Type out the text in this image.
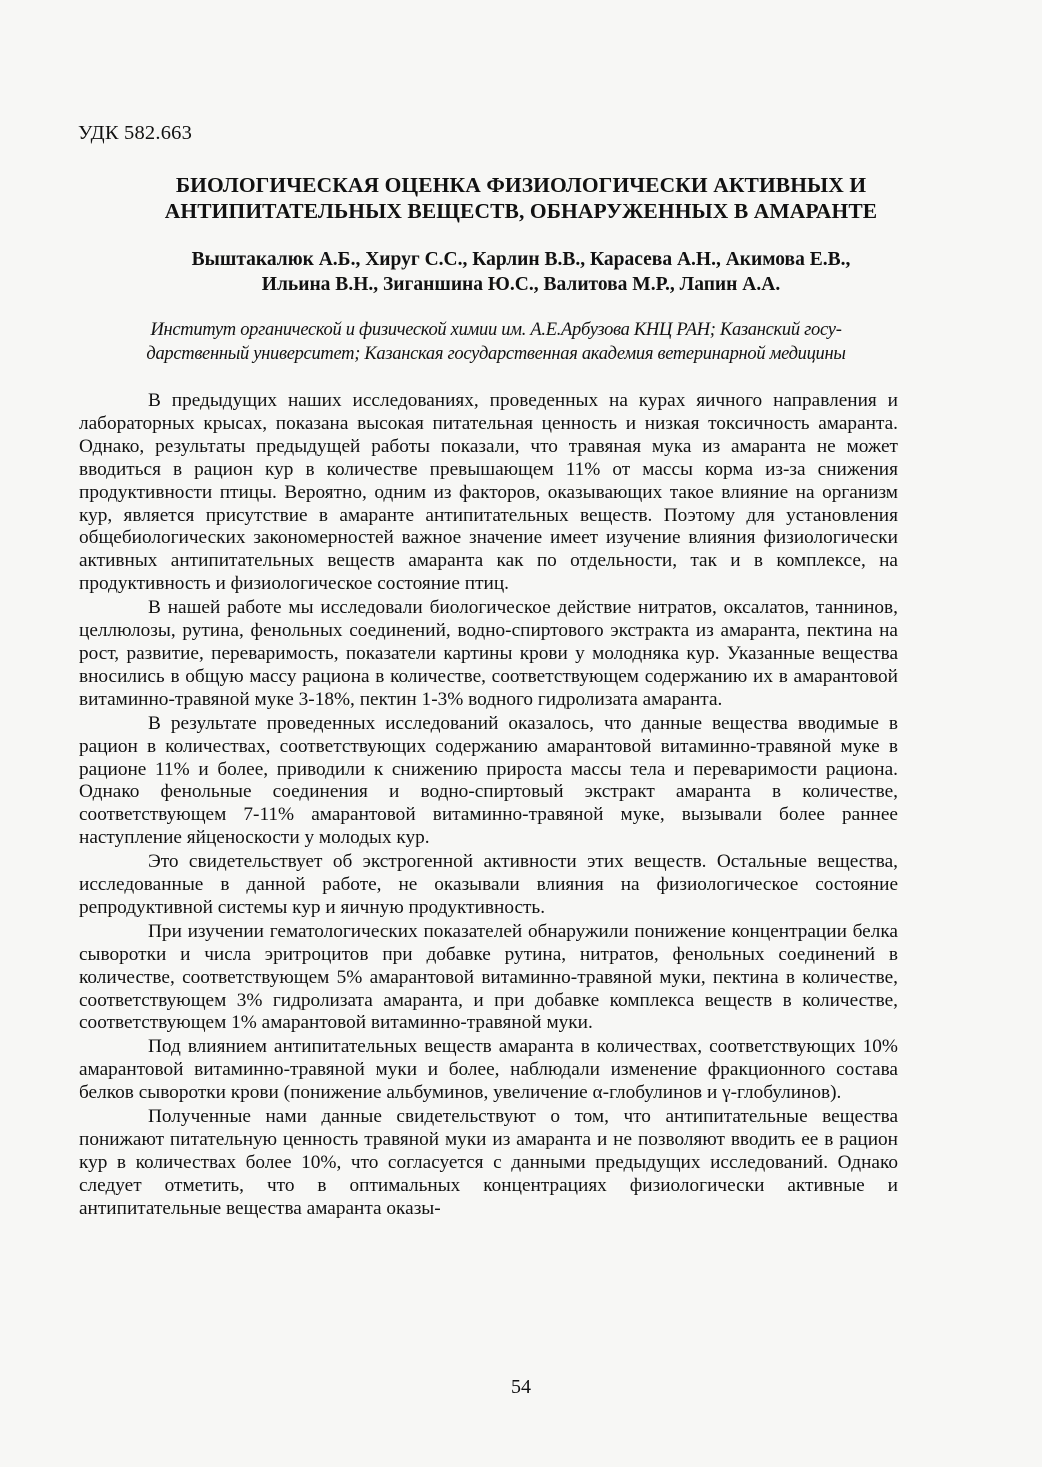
УДК 582.663
БИОЛОГИЧЕСКАЯ ОЦЕНКА ФИЗИОЛОГИЧЕСКИ АКТИВНЫХ И
АНТИПИТАТЕЛЬНЫХ ВЕЩЕСТВ, ОБНАРУЖЕННЫХ В АМАРАНТЕ
Выштакалюк А.Б., Хируг С.С., Карлин В.В., Карасева А.Н., Акимова Е.В.,
Ильина В.Н., Зиганшина Ю.С., Валитова М.Р., Лапин А.А.
Институт органической и физической химии им. А.Е.Арбузова КНЦ РАН; Казанский госу-
дарственный университет; Казанская государственная академия ветеринарной медицины

В предыдущих наших исследованиях, проведенных на курах яичного направления и лабораторных крысах, показана высокая питательная ценность и низкая токсичность амаранта. Однако, результаты предыдущей работы показали, что травяная мука из амаранта не может вводиться в рацион кур в количестве превышающем 11% от массы корма из-за снижения продуктивности птицы. Вероятно, одним из факторов, оказывающих такое влияние на организм кур, является присутствие в амаранте антипитательных веществ. Поэтому для установления общебиологических закономерностей важное значение имеет изучение влияния физиологически активных антипитательных веществ амаранта как по отдельности, так и в комплексе, на продуктивность и физиологическое состояние птиц.

В нашей работе мы исследовали биологическое действие нитратов, оксалатов, таннинов, целлюлозы, рутина, фенольных соединений, водно-спиртового экстракта из амаранта, пектина на рост, развитие, переваримость, показатели картины крови у молодняка кур. Указанные вещества вносились в общую массу рациона в количестве, соответствующем содержанию их в амарантовой витаминно-травяной муке 3-18%, пектин 1-3% водного гидролизата амаранта.

В результате проведенных исследований оказалось, что данные вещества вводимые в рацион в количествах, соответствующих содержанию амарантовой витаминно-травяной муке в рационе 11% и более, приводили к снижению прироста массы тела и переваримости рациона. Однако фенольные соединения и водно-спиртовый экстракт амаранта в количестве, соответствующем 7-11% амарантовой витаминно-травяной муке, вызывали более раннее наступление яйценоскости у молодых кур.

Это свидетельствует об экстрогенной активности этих веществ. Остальные вещества, исследованные в данной работе, не оказывали влияния на физиологическое состояние репродуктивной системы кур и яичную продуктивность.

При изучении гематологических показателей обнаружили понижение концентрации белка сыворотки и числа эритроцитов при добавке рутина, нитратов, фенольных соединений в количестве, соответствующем 5% амарантовой витаминно-травяной муки, пектина в количестве, соответствующем 3% гидролизата амаранта, и при добавке комплекса веществ в количестве, соответствующем 1% амарантовой витаминно-травяной муки.

Под влиянием антипитательных веществ амаранта в количествах, соответствующих 10% амарантовой витаминно-травяной муки и более, наблюдали изменение фракционного состава белков сыворотки крови (понижение альбуминов, увеличение α-глобулинов и γ-глобулинов).

Полученные нами данные свидетельствуют о том, что антипитательные вещества понижают питательную ценность травяной муки из амаранта и не позволяют вводить ее в рацион кур в количествах более 10%, что согласуется с данными предыдущих исследований. Однако следует отметить, что в оптимальных концентрациях физиологически активные и антипитательные вещества амаранта оказы-

54
